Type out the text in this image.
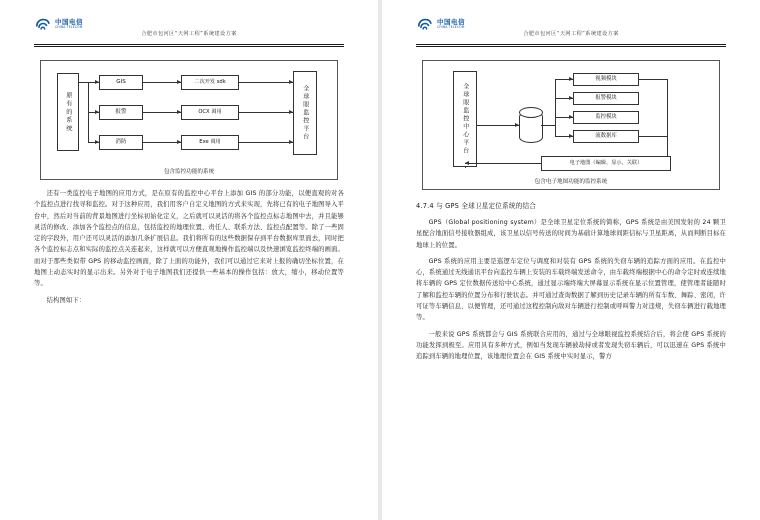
中国电信
CHINA TELECOM
合肥市包河区“天网工程”系统建设方案
原有的系统
GIS
报警
消防
二次开发 sdk
OCX 调用
Exe 调用
全球眼监控平台
包含监控功能的系统

还有一类监控电子地图的应用方式，是在原有的监控中心平台上添加 GIS 的部分功能，以便直观的对各个监控点进行找寻和监控。对于这种应用，我们用客户自定义地图的方式来实现，先将已有的电子地图导入平台中，然后对当前的背景地图进行坐标初始化定义，之后就可以灵活的将各个监控点标志地图中去，并且能够灵活的修改、添加各个监控点的信息，包括监控的地理位置、责任人、联系方法、监控点配置等。除了一些固定的字段外，用户还可以灵活的添加几条扩展信息。我们将所有的这些数据保存到平台数据库里面去，同时把各个监控标志点和实际的监控点关连起来，这样就可以方便直观地操作监控端以及快速浏览监控终端的画面。而对于那些类似带 GPS 的移动监控画面，除了上面的功能外，我们可以通过它来对上报的确切坐标位置，在地图上动态实时的显示出来。另外对于电子地图我们还提供一些基本的操作包括：放大，缩小，移动位置等等。

结构图如下：

中国电信
CHINA TELECOM
合肥市包河区“天网工程”系统建设方案
全球眼监控中心平台
视频模块
报警模块
监控模块
流数据库
电子地图（编辑、显示、关联）
包含电子地图功能的监控系统
4.7.4 与 GPS 全球卫星定位系统的结合

GPS（Global positioning system）是全球卫星定位系统的简称，GPS 系统是由美国发射的 24 颗卫星配合地面信号接收器组成，该卫星以信号传送的时间为基础计算地球间距信标与卫星距离，从而判断目标在地球上的位置。

GPS 系统的应用主要是巡逻车定位与调度和对装有 GPS 系统的失窃车辆的追踪方面的应用。在监控中心，系统通过无线通讯平台向监控车辆上安装的车载终端发送命令，由车载终端根据中心的命令定时或连续地将车辆的 GPS 定位数据传送给中心系统，通过显示端终端大屏幕显示系统在显示位置管理，使管理者能随时了解和监控车辆的位置分布和行驶状态。并可通过查询数据了解到历史记录车辆的所有车数、舞踪、密闭，许可证等车辆信息、以便管理，还可通过这程控制向敌对车辆进行控制或呼叫警力对违规，失窃车辆进行载地理等。

一般来说 GPS 系统都会与 GIS 系统联合应用的，通过与全球眼视监控系统结合后，将会使 GPS 系统的功能发挥到极至。应用具有多种方式，例如当发现车辆被劫持或者发现失窃车辆后，可以迅速在 GPS 系统中追踪到车辆的地理位置，该地理位置会在 GIS 系统中实时显示，警方
